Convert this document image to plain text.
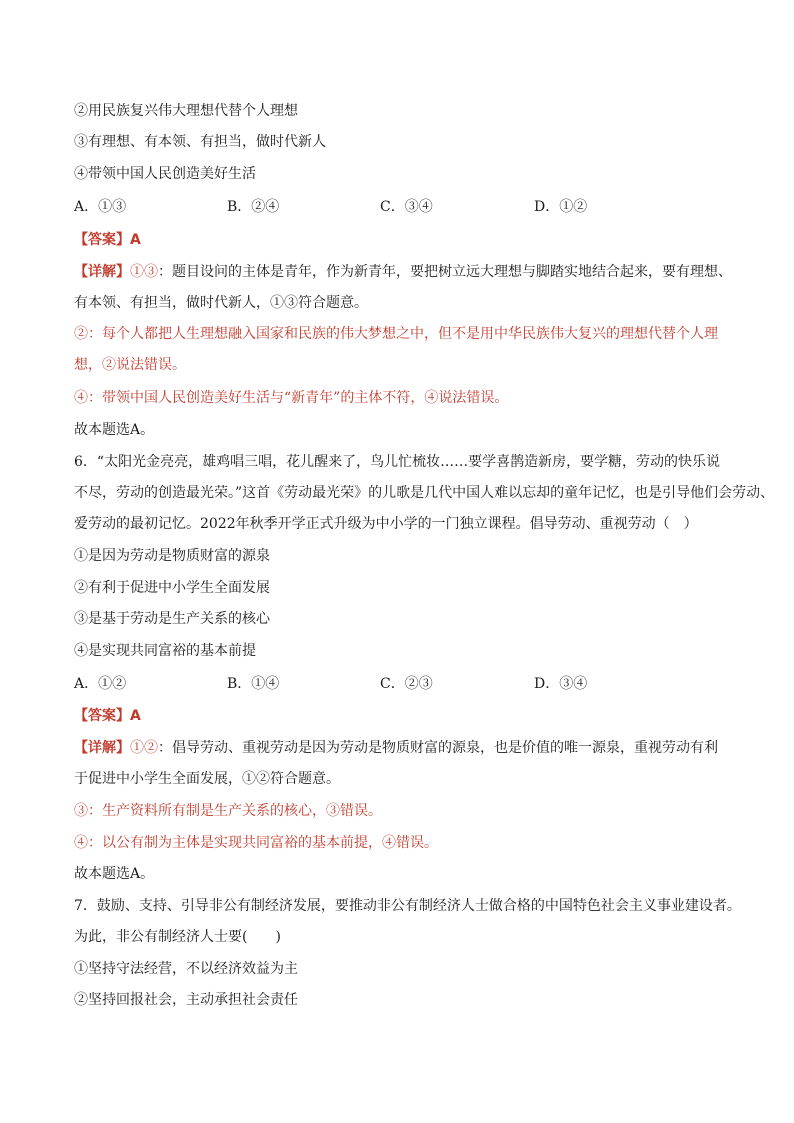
②用民族复兴伟大理想代替个人理想
③有理想、有本领、有担当，做时代新人
④带领中国人民创造美好生活
A．①③	B．②④	C．③④	D．①②
【答案】A
【详解】①③：题目设问的主体是青年，作为新青年，要把树立远大理想与脚踏实地结合起来，要有理想、
有本领、有担当，做时代新人，①③符合题意。
②：每个人都把人生理想融入国家和民族的伟大梦想之中，但不是用中华民族伟大复兴的理想代替个人理
想，②说法错误。
④：带领中国人民创造美好生活与“新青年”的主体不符，④说法错误。
故本题选A。
6．“太阳光金亮亮，雄鸡唱三唱，花儿醒来了，鸟儿忙梳妆……要学喜鹊造新房，要学糖，劳动的快乐说
不尽，劳动的创造最光荣。”这首《劳动最光荣》的儿歌是几代中国人难以忘却的童年记忆，也是引导他们会劳动、
爱劳动的最初记忆。2022年秋季开学正式升级为中小学的一门独立课程。倡导劳动、重视劳动（　）
①是因为劳动是物质财富的源泉
②有利于促进中小学生全面发展
③是基于劳动是生产关系的核心
④是实现共同富裕的基本前提
A．①②	B．①④	C．②③	D．③④
【答案】A
【详解】①②：倡导劳动、重视劳动是因为劳动是物质财富的源泉，也是价值的唯一源泉，重视劳动有利
于促进中小学生全面发展，①②符合题意。
③：生产资料所有制是生产关系的核心，③错误。
④：以公有制为主体是实现共同富裕的基本前提，④错误。
故本题选A。
7．鼓励、支持、引导非公有制经济发展，要推动非公有制经济人士做合格的中国特色社会主义事业建设者。
为此，非公有制经济人士要(　　)
①坚持守法经营，不以经济效益为主
②坚持回报社会，主动承担社会责任
